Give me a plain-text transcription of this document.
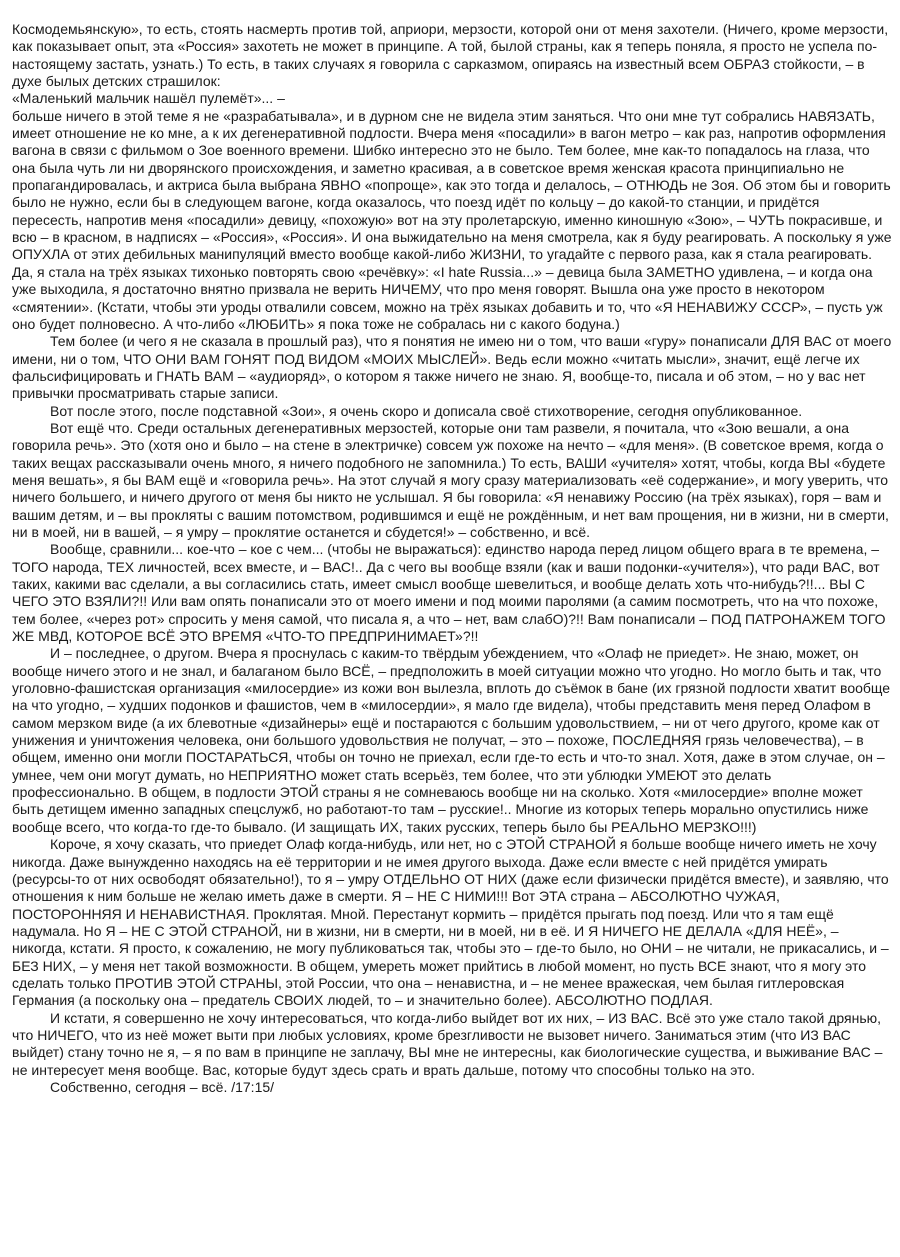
Космодемьянскую», то есть, стоять насмерть против той, априори, мерзости, которой они от меня захотели. (Ничего, кроме мерзости, как показывает опыт, эта «Россия» захотеть не может в принципе. А той, былой страны, как я теперь поняла, я просто не успела по-настоящему застать, узнать.) То есть, в таких случаях я говорила с сарказмом, опираясь на известный всем ОБРАЗ стойкости, – в духе былых детских страшилок:

«Маленький мальчик нашёл пулемёт»... –

больше ничего в этой теме я не «разрабатывала», и в дурном сне не видела этим заняться. Что они мне тут собрались НАВЯЗАТЬ, имеет отношение не ко мне, а к их дегенеративной подлости. Вчера меня «посадили» в вагон метро – как раз, напротив оформления вагона в связи с фильмом о Зое военного времени. Шибко интересно это не было. Тем более, мне как-то попадалось на глаза, что она была чуть ли ни дворянского происхождения, и заметно красивая, а в советское время женская красота принципиально не пропагандировалась, и актриса была выбрана ЯВНО «попроще», как это тогда и делалось, – ОТНЮДЬ не Зоя. Об этом бы и говорить было не нужно, если бы в следующем вагоне, когда оказалось, что поезд идёт по кольцу – до какой-то станции, и придётся пересесть, напротив меня «посадили» девицу, «похожую» вот на эту пролетарскую, именно киношную «Зою», – ЧУТЬ покрасивше, и всю – в красном, в надписях – «Россия», «Россия». И она выжидательно на меня смотрела, как я буду реагировать. А поскольку я уже ОПУХЛА от этих дебильных манипуляций вместо вообще какой-либо ЖИЗНИ, то угадайте с первого раза, как я стала реагировать. Да, я стала на трёх языках тихонько повторять свою «речёвку»: «I hate Russia...» – девица была ЗАМЕТНО удивлена, – и когда она уже выходила, я достаточно внятно призвала не верить НИЧЕМУ, что про меня говорят. Вышла она уже просто в некотором «смятении». (Кстати, чтобы эти уроды отвалили совсем, можно на трёх языках добавить и то, что «Я НЕНАВИЖУ СССР», – пусть уж оно будет полновесно. А что-либо «ЛЮБИТЬ» я пока тоже не собралась ни с какого бодуна.)

Тем более (и чего я не сказала в прошлый раз), что я понятия не имею ни о том, что ваши «гуру» понаписали ДЛЯ ВАС от моего имени, ни о том, ЧТО ОНИ ВАМ ГОНЯТ ПОД ВИДОМ «МОИХ МЫСЛЕЙ». Ведь если можно «читать мысли», значит, ещё легче их фальсифицировать и ГНАТЬ ВАМ – «аудиоряд», о котором я также ничего не знаю. Я, вообще-то, писала и об этом, – но у вас нет привычки просматривать старые записи.

Вот после этого, после подставной «Зои», я очень скоро и дописала своё стихотворение, сегодня опубликованное.

Вот ещё что. Среди остальных дегенеративных мерзостей, которые они там развели, я почитала, что «Зою вешали, а она говорила речь». Это (хотя оно и было – на стене в электричке) совсем уж похоже на нечто – «для меня». (В советское время, когда о таких вещах рассказывали очень много, я ничего подобного не запомнила.) То есть, ВАШИ «учителя» хотят, чтобы, когда ВЫ «будете меня вешать», я бы ВАМ ещё и «говорила речь». На этот случай я могу сразу материализовать «её содержание», и могу уверить, что ничего большего, и ничего другого от меня бы никто не услышал. Я бы говорила: «Я ненавижу Россию (на трёх языках), горя – вам и вашим детям, и – вы прокляты с вашим потомством, родившимся и ещё не рождённым, и нет вам прощения, ни в жизни, ни в смерти, ни в моей, ни в вашей, – я умру – проклятие останется и сбудется!» – собственно, и всё.

Вообще, сравнили... кое-что – кое с чем... (чтобы не выражаться): единство народа перед лицом общего врага в те времена, – ТОГО народа, ТЕХ личностей, всех вместе, и – ВАС!.. Да с чего вы вообще взяли (как и ваши подонки-«учителя»), что ради ВАС, вот таких, какими вас сделали, а вы согласились стать, имеет смысл вообще шевелиться, и вообще делать хоть что-нибудь?!!... ВЫ С ЧЕГО ЭТО ВЗЯЛИ?!! Или вам опять понаписали это от моего имени и под моими паролями (а самим посмотреть, что на что похоже, тем более, «через рот» спросить у меня самой, что писала я, а что – нет, вам слабО)?!! Вам понаписали – ПОД ПАТРОНАЖЕМ ТОГО ЖЕ МВД, КОТОРОЕ ВСЁ ЭТО ВРЕМЯ «ЧТО-ТО ПРЕДПРИНИМАЕТ»?!!

И – последнее, о другом. Вчера я проснулась с каким-то твёрдым убеждением, что «Олаф не приедет». Не знаю, может, он вообще ничего этого и не знал, и балаганом было ВСЁ, – предположить в моей ситуации можно что угодно. Но могло быть и так, что уголовно-фашистская организация «милосердие» из кожи вон вылезла, вплоть до съёмок в бане (их грязной подлости хватит вообще на что угодно, – худших подонков и фашистов, чем в «милосердии», я мало где видела), чтобы представить меня перед Олафом в самом мерзком виде (а их блевотные «дизайнеры» ещё и постараются с большим удовольствием, – ни от чего другого, кроме как от унижения и уничтожения человека, они большого удовольствия не получат, – это – похоже, ПОСЛЕДНЯЯ грязь человечества), – в общем, именно они могли ПОСТАРАТЬСЯ, чтобы он точно не приехал, если где-то есть и что-то знал. Хотя, даже в этом случае, он – умнее, чем они могут думать, но НЕПРИЯТНО может стать всерьёз, тем более, что эти ублюдки УМЕЮТ это делать профессионально. В общем, в подлости ЭТОЙ страны я не сомневаюсь вообще ни на сколько. Хотя «милосердие» вполне может быть детищем именно западных спецслужб, но работают-то там – русские!.. Многие из которых теперь морально опустились ниже вообще всего, что когда-то где-то бывало. (И защищать ИХ, таких русских, теперь было бы РЕАЛЬНО МЕРЗКО!!!)

Короче, я хочу сказать, что приедет Олаф когда-нибудь, или нет, но с ЭТОЙ СТРАНОЙ я больше вообще ничего иметь не хочу никогда. Даже вынужденно находясь на её территории и не имея другого выхода. Даже если вместе с ней придётся умирать (ресурсы-то от них освободят обязательно!), то я – умру ОТДЕЛЬНО ОТ НИХ (даже если физически придётся вместе), и заявляю, что отношения к ним больше не желаю иметь даже в смерти. Я – НЕ С НИМИ!!! Вот ЭТА страна – АБСОЛЮТНО ЧУЖАЯ, ПОСТОРОННЯЯ И НЕНАВИСТНАЯ. Проклятая. Мной. Перестанут кормить – придётся прыгать под поезд. Или что я там ещё надумала. Но Я – НЕ С ЭТОЙ СТРАНОЙ, ни в жизни, ни в смерти, ни в моей, ни в её. И Я НИЧЕГО НЕ ДЕЛАЛА «ДЛЯ НЕЁ», – никогда, кстати. Я просто, к сожалению, не могу публиковаться так, чтобы это – где-то было, но ОНИ – не читали, не прикасались, и – БЕЗ НИХ, – у меня нет такой возможности. В общем, умереть может прийтись в любой момент, но пусть ВСЕ знают, что я могу это сделать только ПРОТИВ ЭТОЙ СТРАНЫ, этой России, что она – ненавистна, и – не менее вражеская, чем былая гитлеровская Германия (а поскольку она – предатель СВОИХ людей, то – и значительно более). АБСОЛЮТНО ПОДЛАЯ.

И кстати, я совершенно не хочу интересоваться, что когда-либо выйдет вот их них, – ИЗ ВАС. Всё это уже стало такой дрянью, что НИЧЕГО, что из неё может выти при любых условиях, кроме брезгливости не вызовет ничего. Заниматься этим (что ИЗ ВАС выйдет) стану точно не я, – я по вам в принципе не заплачу, ВЫ мне не интересны, как биологические существа, и выживание ВАС – не интересует меня вообще. Вас, которые будут здесь срать и врать дальше, потому что способны только на это.

Собственно, сегодня – всё. /17:15/
